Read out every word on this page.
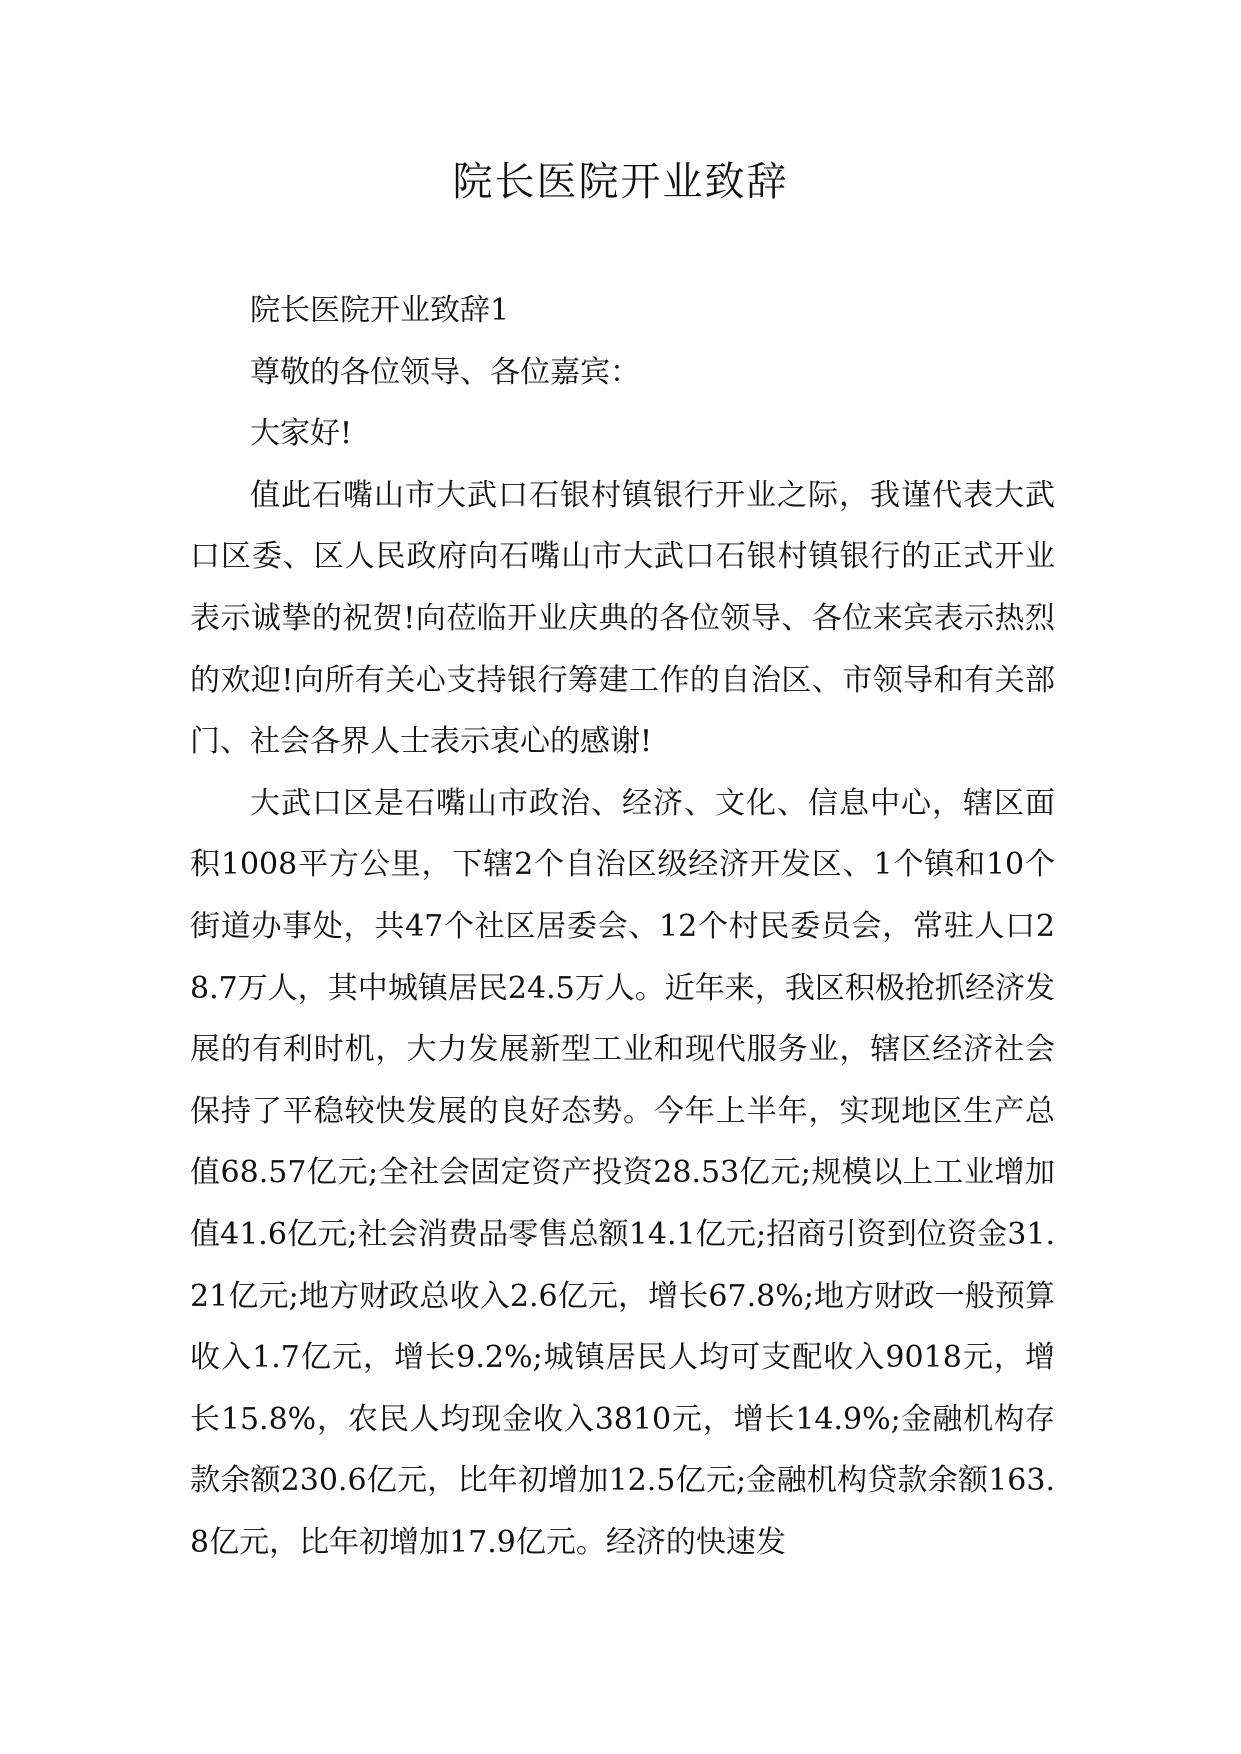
院长医院开业致辞

院长医院开业致辞1

尊敬的各位领导、各位嘉宾：

大家好!

值此石嘴山市大武口石银村镇银行开业之际，我谨代表大武口区委、区人民政府向石嘴山市大武口石银村镇银行的正式开业表示诚挚的祝贺!向莅临开业庆典的各位领导、各位来宾表示热烈的欢迎!向所有关心支持银行筹建工作的自治区、市领导和有关部门、社会各界人士表示衷心的感谢!

大武口区是石嘴山市政治、经济、文化、信息中心，辖区面积1008平方公里，下辖2个自治区级经济开发区、1个镇和10个街道办事处，共47个社区居委会、12个村民委员会，常驻人口28.7万人，其中城镇居民24.5万人。近年来，我区积极抢抓经济发展的有利时机，大力发展新型工业和现代服务业，辖区经济社会保持了平稳较快发展的良好态势。今年上半年，实现地区生产总值68.57亿元;全社会固定资产投资28.53亿元;规模以上工业增加值41.6亿元;社会消费品零售总额14.1亿元;招商引资到位资金31.21亿元;地方财政总收入2.6亿元，增长67.8%;地方财政一般预算收入1.7亿元，增长9.2%;城镇居民人均可支配收入9018元，增长15.8%，农民人均现金收入3810元，增长14.9%;金融机构存款余额230.6亿元，比年初增加12.5亿元;金融机构贷款余额163.8亿元，比年初增加17.9亿元。经济的快速发
